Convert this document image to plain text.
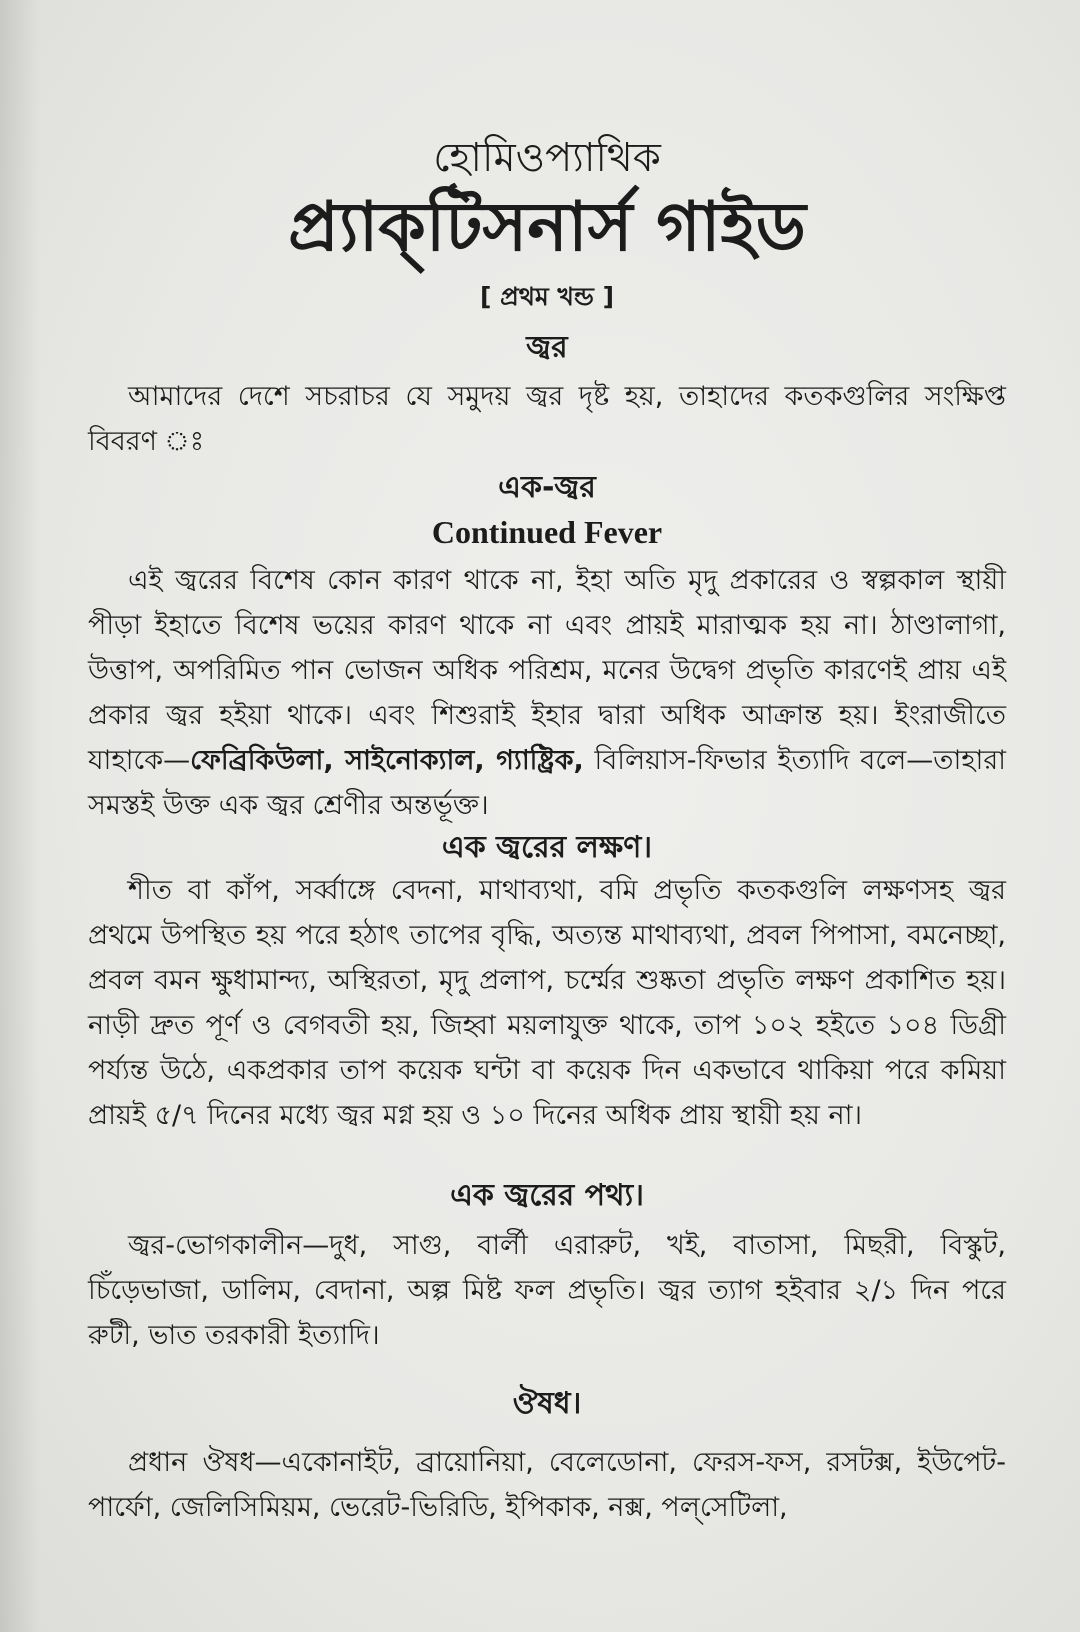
হোমিওপ্যাথিক
প্র্যাক্‌টিসনার্স গাইড
[ প্রথম খন্ড ]
জ্বর
আমাদের দেশে সচরাচর যে সমুদয় জ্বর দৃষ্ট হয়, তাহাদের কতকগুলির সংক্ষিপ্ত বিবরণ ঃ
এক-জ্বর
Continued Fever
এই জ্বরের বিশেষ কোন কারণ থাকে না, ইহা অতি মৃদু প্রকারের ও স্বল্পকাল স্থায়ী পীড়া ইহাতে বিশেষ ভয়ের কারণ থাকে না এবং প্রায়ই মারাত্মক হয় না। ঠাণ্ডালাগা, উত্তাপ, অপরিমিত পান ভোজন অধিক পরিশ্রম, মনের উদ্বেগ প্রভৃতি কারণেই প্রায় এই প্রকার জ্বর হইয়া থাকে। এবং শিশুরাই ইহার দ্বারা অধিক আক্রান্ত হয়। ইংরাজীতে যাহাকে—ফেব্রিকিউলা, সাইনোক্যাল, গ্যাষ্ট্রিক, বিলিয়াস-ফিভার ইত্যাদি বলে—তাহারা সমস্তই উক্ত এক জ্বর শ্রেণীর অন্তর্ভূক্ত।
এক জ্বরের লক্ষণ।
শীত বা কাঁপ, সর্ব্বাঙ্গে বেদনা, মাথাব্যথা, বমি প্রভৃতি কতকগুলি লক্ষণসহ জ্বর প্রথমে উপস্থিত হয় পরে হঠাৎ তাপের বৃদ্ধি, অত্যন্ত মাথাব্যথা, প্রবল পিপাসা, বমনেচ্ছা, প্রবল বমন ক্ষুধামান্দ্য, অস্থিরতা, মৃদু প্রলাপ, চর্ম্মের শুষ্কতা প্রভৃতি লক্ষণ প্রকাশিত হয়। নাড়ী দ্রুত পূর্ণ ও বেগবতী হয়, জিহ্বা ময়লাযুক্ত থাকে, তাপ ১০২ হইতে ১০৪ ডিগ্রী পর্য্যন্ত উঠে, একপ্রকার তাপ কয়েক ঘন্টা বা কয়েক দিন একভাবে থাকিয়া পরে কমিয়া প্রায়ই ৫/৭ দিনের মধ্যে জ্বর মগ্ন হয় ও ১০ দিনের অধিক প্রায় স্থায়ী হয় না।
এক জ্বরের পথ্য।
জ্বর-ভোগকালীন—দুধ, সাগু, বার্লী এরারুট, খই, বাতাসা, মিছরী, বিস্কুট, চিঁড়েভাজা, ডালিম, বেদানা, অল্প মিষ্ট ফল প্রভৃতি। জ্বর ত্যাগ হইবার ২/১ দিন পরে রুটী, ভাত তরকারী ইত্যাদি।
ঔষধ।
প্রধান ঔষধ—একোনাইট, ব্রায়োনিয়া, বেলেডোনা, ফেরস-ফস, রসটক্স, ইউপেট-পার্ফো, জেলিসিমিয়ম, ভেরেট-ভিরিডি, ইপিকাক, নক্স, পল্‌সেটিলা,
